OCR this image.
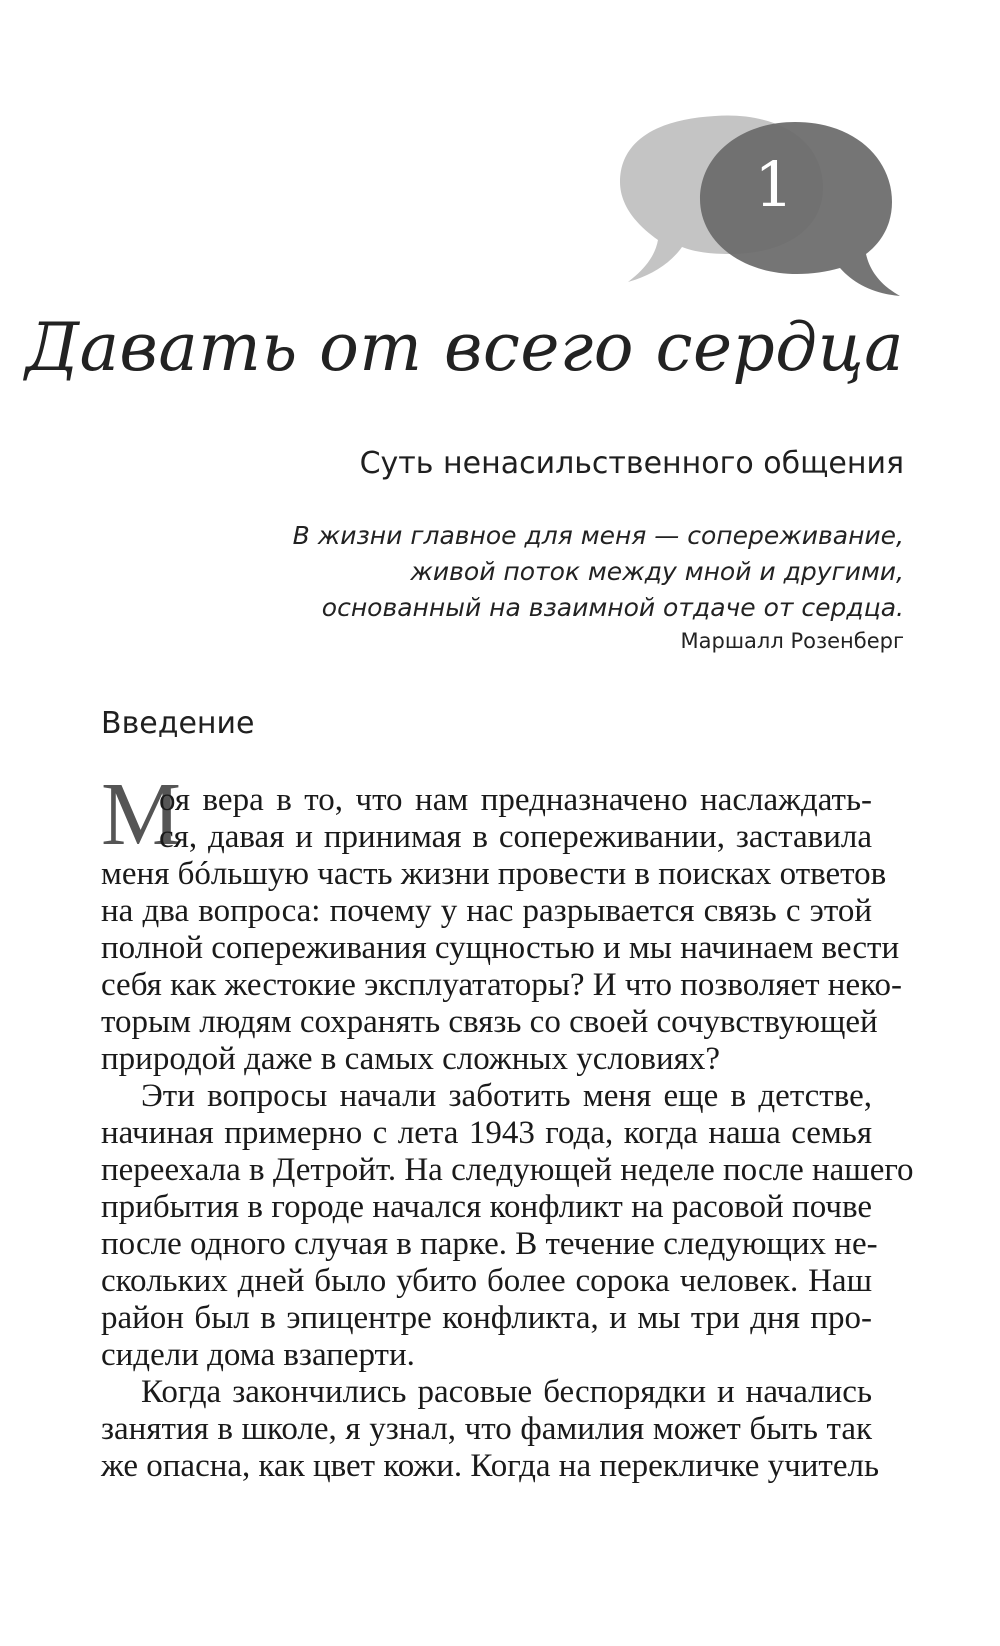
1
Давать от всего сердца
Суть ненасильственного общения
В жизни главное для меня — сопереживание,
живой поток между мной и другими,
основанный на взаимной отдаче от сердца.
Маршалл Розенберг
Введение
М
оя вера в то, что нам предназначено наслаждать-
ся, давая и принимая в сопереживании, заставила
меня бóльшую часть жизни провести в поисках ответов
на два вопроса: почему у нас разрывается связь с этой
полной сопереживания сущностью и мы начинаем вести
себя как жестокие эксплуататоры? И что позволяет неко-
торым людям сохранять связь со своей сочувствующей
природой даже в самых сложных условиях?
Эти вопросы начали заботить меня еще в детстве,
начиная примерно с лета 1943 года, когда наша семья
переехала в Детройт. На следующей неделе после нашего
прибытия в городе начался конфликт на расовой почве
после одного случая в парке. В течение следующих не-
скольких дней было убито более сорока человек. Наш
район был в эпицентре конфликта, и мы три дня про-
сидели дома взаперти.
Когда закончились расовые беспорядки и начались
занятия в школе, я узнал, что фамилия может быть так
же опасна, как цвет кожи. Когда на перекличке учитель
